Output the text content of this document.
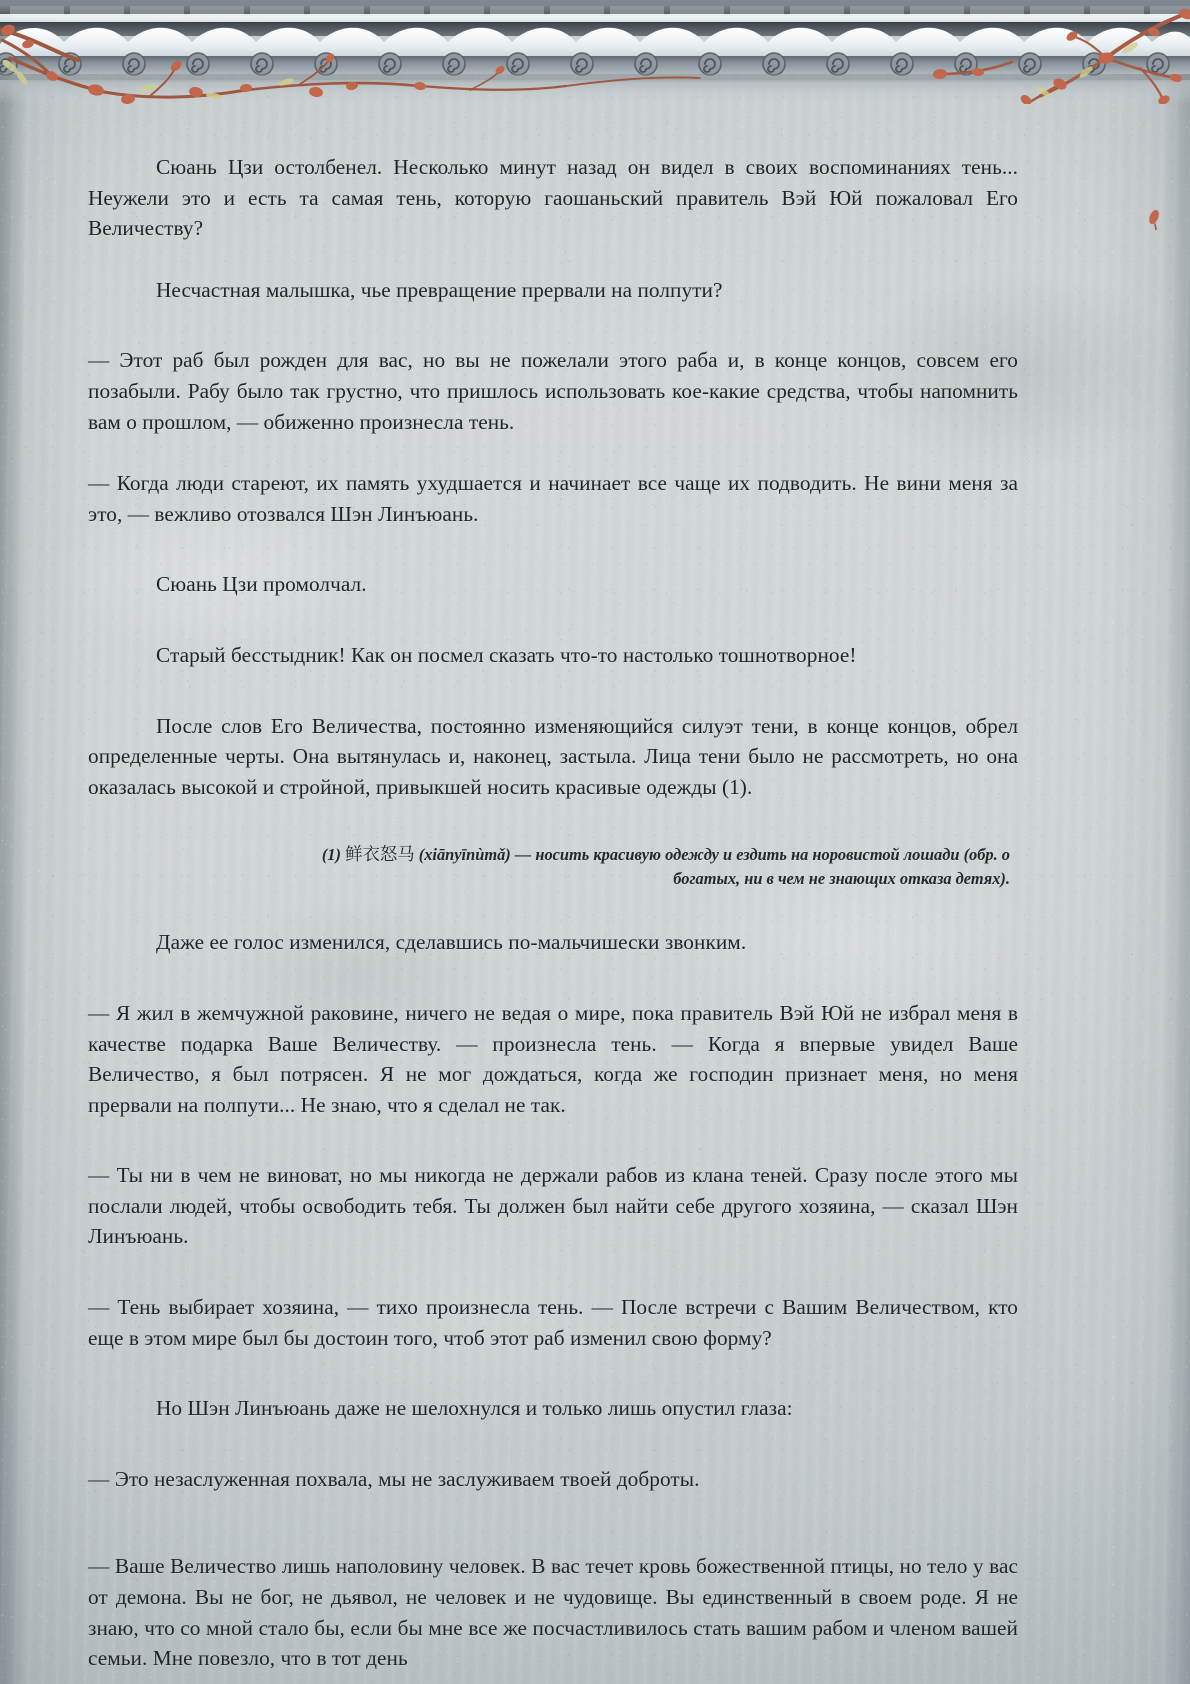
Сюань Цзи остолбенел. Несколько минут назад он видел в своих воспоминаниях тень... Неужели это и есть та самая тень, которую гаошаньский правитель Вэй Юй пожаловал Его Величеству?

Несчастная малышка, чье превращение прервали на полпути?

— Этот раб был рожден для вас, но вы не пожелали этого раба и, в конце концов, совсем его позабыли. Рабу было так грустно, что пришлось использовать кое-какие средства, чтобы напомнить вам о прошлом, — обиженно произнесла тень.

— Когда люди стареют, их память ухудшается и начинает все чаще их подводить. Не вини меня за это, — вежливо отозвался Шэн Линъюань.

Сюань Цзи промолчал.

Старый бесстыдник! Как он посмел сказать что-то настолько тошнотворное!

После слов Его Величества, постоянно изменяющийся силуэт тени, в конце концов, обрел определенные черты. Она вытянулась и, наконец, застыла. Лица тени было не рассмотреть, но она оказалась высокой и стройной, привыкшей носить красивые одежды (1).

(1) 鲜衣怒马 (xiānyīnùmǎ) — носить красивую одежду и ездить на норовистой лошади (обр. о богатых, ни в чем не знающих отказа детях).

Даже ее голос изменился, сделавшись по-мальчишески звонким.

— Я жил в жемчужной раковине, ничего не ведая о мире, пока правитель Вэй Юй не избрал меня в качестве подарка Ваше Величеству. — произнесла тень. — Когда я впервые увидел Ваше Величество, я был потрясен. Я не мог дождаться, когда же господин признает меня, но меня прервали на полпути... Не знаю, что я сделал не так.

— Ты ни в чем не виноват, но мы никогда не держали рабов из клана теней. Сразу после этого мы послали людей, чтобы освободить тебя. Ты должен был найти себе другого хозяина, — сказал Шэн Линъюань.

— Тень выбирает хозяина, — тихо произнесла тень. — После встречи с Вашим Величеством, кто еще в этом мире был бы достоин того, чтоб этот раб изменил свою форму?

Но Шэн Линъюань даже не шелохнулся и только лишь опустил глаза:

— Это незаслуженная похвала, мы не заслуживаем твоей доброты.

— Ваше Величество лишь наполовину человек. В вас течет кровь божественной птицы, но тело у вас от демона. Вы не бог, не дьявол, не человек и не чудовище. Вы единственный в своем роде. Я не знаю, что со мной стало бы, если бы мне все же посчастливилось стать вашим рабом и членом вашей семьи. Мне повезло, что в тот день
